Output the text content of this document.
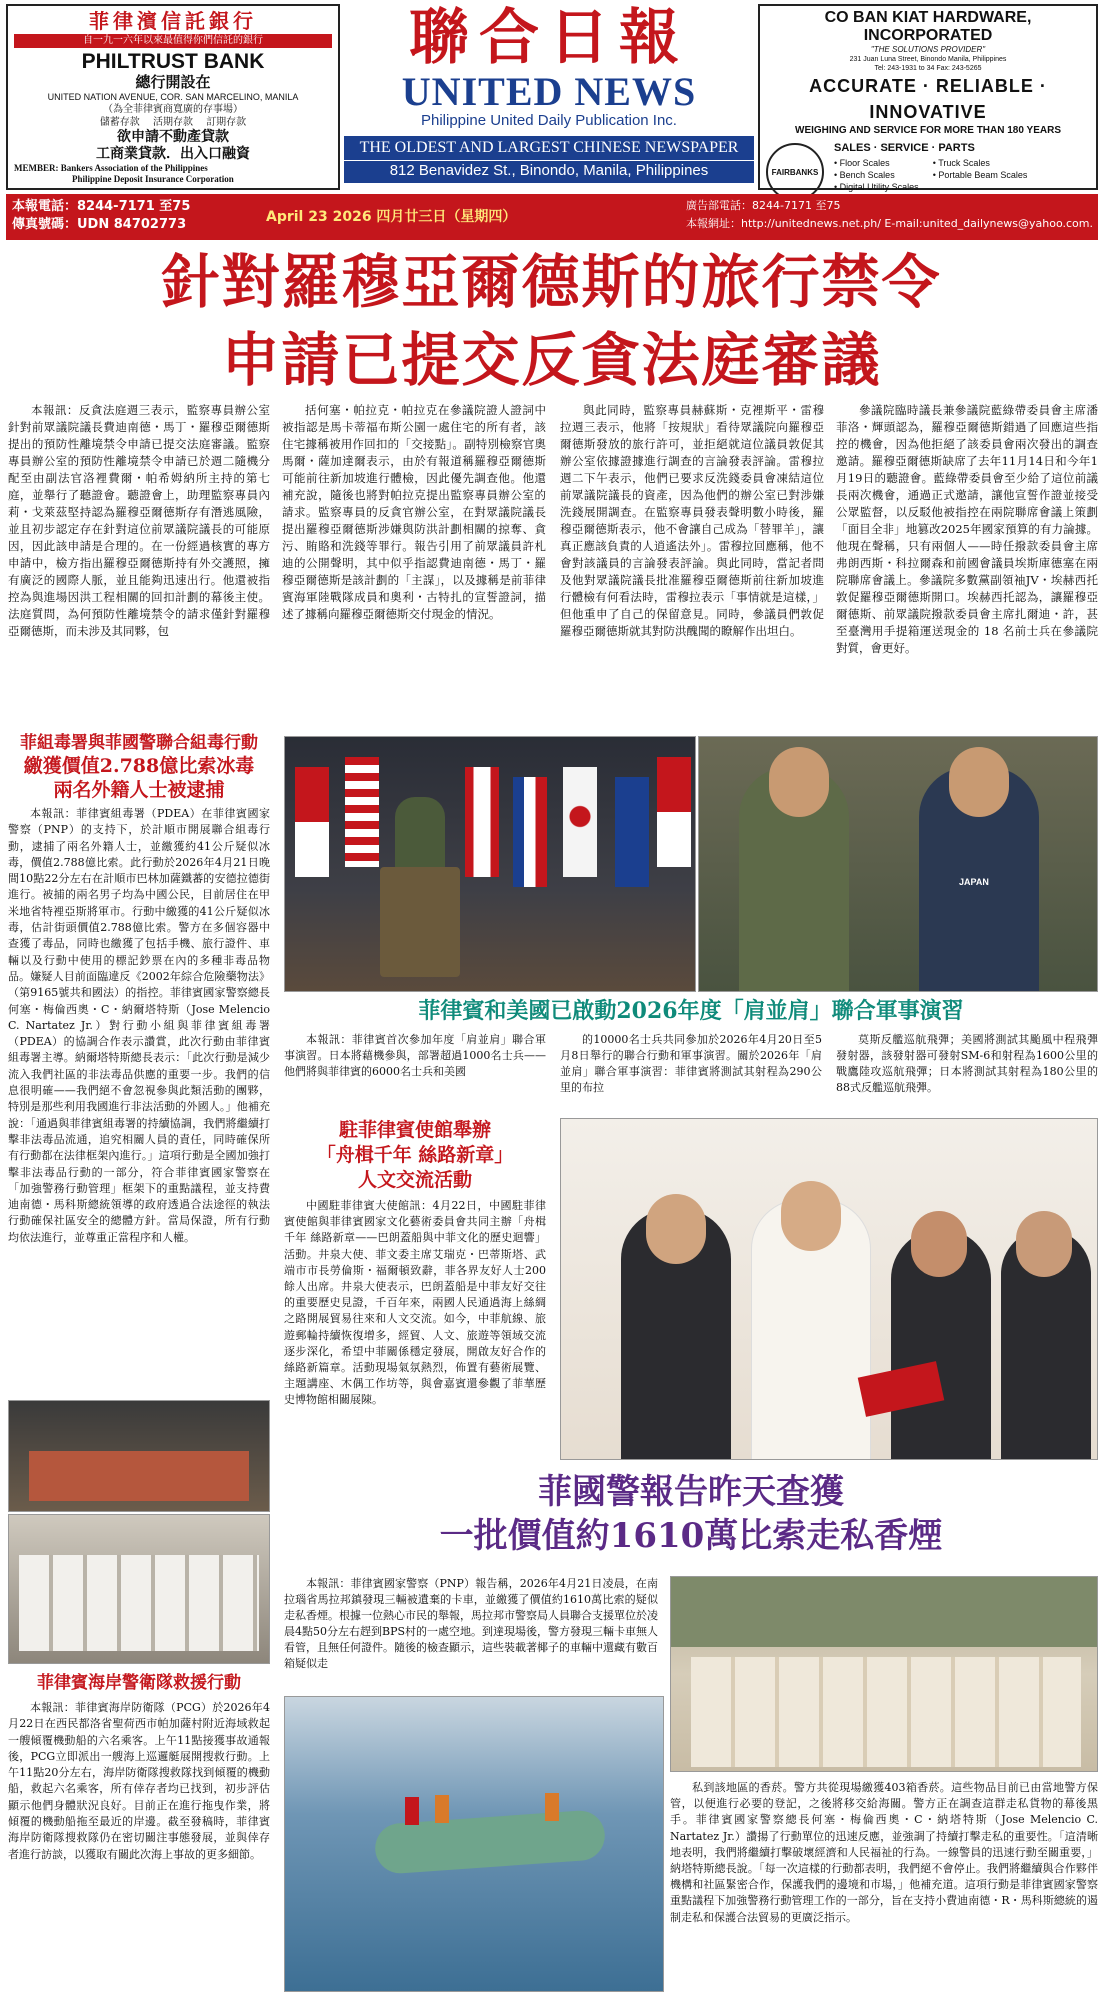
菲律濱信託銀行
自一九一六年以來最值得你們信託的銀行
PHILTRUST BANK
總行開設在
UNITED NATION AVENUE, COR. SAN MARCELINO, MANILA
（為全菲律賓商寬廣的存事場）
儲蓄存款　 活期存款　 訂期存款
欲申請不動產貸款
工商業貸款．出入口融資
MEMBER: Bankers Association of the Philippines
Philippine Deposit Insurance Corporation
聯合日報
UNITED NEWS
Philippine United Daily Publication Inc.
THE OLDEST AND LARGEST CHINESE NEWSPAPER
812 Benavidez St., Binondo, Manila, Philippines
CO BAN KIAT HARDWARE, INCORPORATED
"THE SOLUTIONS PROVIDER"
231 Juan Luna Street, Binondo Manila, Philippines
Tel: 243-1931 to 34 Fax: 243-5265
ACCURATE · RELIABLE · INNOVATIVE
WEIGHING AND SERVICE FOR MORE THAN 180 YEARS
FAIRBANKS
SALES · SERVICE · PARTS
• Floor Scales
• Bench Scales
• Digital Utility Scales
•
• Truck Scales
• Portable Beam Scales
本報電話：8244-7171 至75
傳真號碼：UDN 84702773	April 23 2026 四月廿三日（星期四）
廣告部電話：8244-7171 至75
本報網址：http://unitednews.net.ph/ E-mail:united_dailynews@yahoo.com.
針對羅穆亞爾德斯的旅行禁令
申請已提交反貪法庭審議

本報訊：反貪法庭週三表示，監察專員辦公室針對前眾議院議長費迪南德・馬丁・羅穆亞爾德斯提出的預防性離境禁令申請已提交法庭審議。監察專員辦公室的預防性離境禁令申請已於週二隨機分配至由副法官洛裡費爾・帕希姆納所主持的第七庭，並舉行了聽證會。聽證會上，助理監察專員內莉・戈萊茲堅持認為羅穆亞爾德斯存有潛逃風險，並且初步認定存在針對這位前眾議院議長的可能原因，因此該申請是合理的。在一份經過核實的專方申請中，檢方指出羅穆亞爾德斯持有外交護照，擁有廣泛的國際人脈，並且能夠迅速出行。他還被指控為與進場因洪工程相關的回扣計劃的幕後主使。法庭質問，為何預防性離境禁令的請求僅針對羅穆亞爾德斯，而未涉及其同夥，包

括何塞・帕拉克・帕拉克在參議院證人證詞中被指認是馬卡蒂福布斯公園一處住宅的所有者，該住宅據稱被用作回扣的「交接點」。副特別檢察官奧馬爾・薩加達爾表示，由於有報道稱羅穆亞爾德斯可能前往新加坡進行體檢，因此優先調查他。他還補充說，隨後也將對帕拉克提出監察專員辦公室的請求。監察專員的反貪官辦公室，在對眾議院議長提出羅穆亞爾德斯涉嫌與防洪計劃相關的掠奪、貪污、賄賂和洗錢等罪行。報告引用了前眾議員許札迪的公開聲明，其中似乎指認費迪南德・馬丁・羅穆亞爾德斯是該計劃的「主謀」，以及據稱是前菲律賓海軍陸戰隊成員和奧利・古特扎的宣誓證詞，描述了據稱向羅穆亞爾德斯交付現金的情況。

與此同時，監察專員赫蘇斯・克裡斯平・雷穆拉週三表示，他將「按規狀」看待眾議院向羅穆亞爾德斯發放的旅行許可，並拒絕就這位議員敦促其辦公室依據證據進行調查的言論發表評論。雷穆拉週二下午表示，他們已要求反洗錢委員會凍結這位前眾議院議長的資產，因為他們的辦公室已對涉嫌洗錢展開調查。在監察專員發表聲明數小時後，羅穆亞爾德斯表示，他不會讓自己成為「替罪羊」，讓真正應該負責的人逍遙法外」。雷穆拉回應稱，他不會對該議員的言論發表評論。與此同時，當記者問及他對眾議院議長批准羅穆亞爾德斯前往新加坡進行體檢有何看法時，雷穆拉表示「事情就是這樣，」但他重申了自己的保留意見。同時，參議員們敦促羅穆亞爾德斯就其對防洪醜聞的瞭解作出坦白。

參議院臨時議長兼參議院藍綠帶委員會主席潘菲洛・輝頭認為，羅穆亞爾德斯錯過了回應這些指控的機會，因為他拒絕了該委員會兩次發出的調查邀請。羅穆亞爾德斯缺席了去年11月14日和今年1月19日的聽證會。藍綠帶委員會至少給了這位前議長兩次機會，通過正式邀請，讓他宣誓作證並接受公眾監督，以反駁他被指控在兩院聯席會議上策劃「面目全非」地篡改2025年國家預算的有力論據。他現在聲稱，只有兩個人——時任撥款委員會主席弗朗西斯・科拉爾森和前國會議員埃斯庫德塞在兩院聯席會議上。參議院多數黨副領袖JV・埃赫西托敦促羅穆亞爾德斯開口。埃赫西托認為，讓羅穆亞爾德斯、前眾議院撥款委員會主席扎爾迪・許，甚至臺灣用手提箱運送現金的 18 名前士兵在參議院對質，會更好。

菲組毒署與菲國警聯合組毒行動
繳獲價值2.788億比索冰毒
兩名外籍人士被逮捕

本報訊：菲律賓組毒署（PDEA）在菲律賓國家警察（PNP）的支持下，於計順市開展聯合組毒行動，逮捕了兩名外籍人士，並繳獲約41公斤疑似冰毒，價值2.788億比索。此行動於2026年4月21日晚間10點22分左右在計順市巴林加薩鐵蕃的安德拉德街進行。被捕的兩名男子均為中國公民，目前居住在甲米地省特裡亞斯將軍市。行動中繳獲的41公斤疑似冰毒，估計街頭價值2.788億比索。警方在多個容器中查獲了毒品，同時也繳獲了包括手機、旅行證件、車輛以及行動中使用的標記鈔票在內的多種非毒品物品。嫌疑人目前面臨違反《2002年綜合危險藥物法》（第9165號共和國法）的指控。菲律賓國家警察總長何塞・梅倫西奧・C・納爾塔特斯（Jose Melencio C. Nartatez Jr.）對行動小組與菲律賓組毒署（PDEA）的協調合作表示讚賞，此次行動由菲律賓組毒署主導。納爾塔特斯總長表示：「此次行動是減少流入我們社區的非法毒品供應的重要一步。我們的信息很明確——我們絕不會忽視參與此類活動的團夥，特別是那些利用我國進行非法活動的外國人。」他補充說：「通過與菲律賓組毒署的持續協調，我們將繼續打擊非法毒品流通，追究相關人員的責任，同時確保所有行動都在法律框架內進行。」這項行動是全國加強打擊非法毒品行動的一部分，符合菲律賓國家警察在「加強警務行動管理」框架下的重點議程，並支持費迪南德・馬科斯總統領導的政府透過合法途徑的執法行動確保社區安全的總體方針。當局保證，所有行動均依法進行，並尊重正當程序和人權。

JAPAN
菲律賓和美國已啟動2026年度「肩並肩」聯合軍事演習

本報訊：菲律賓首次參加年度「肩並肩」聯合軍事演習。日本將藉機參與，部署超過1000名士兵——他們將與菲律賓的6000名士兵和美國

的10000名士兵共同參加於2026年4月20日至5月8日舉行的聯合行動和軍事演習。關於2026年「肩並肩」聯合軍事演習：菲律賓將測試其射程為290公里的布拉

莫斯反艦巡航飛彈；美國將測試其颱風中程飛彈發射器，該發射器可發射SM-6和射程為1600公里的戰鷹陸攻巡航飛彈；日本將測試其射程為180公里的88式反艦巡航飛彈。

駐菲律賓使館舉辦
「舟楫千年 絲路新章」
人文交流活動

中國駐菲律賓大使館訊：4月22日，中國駐菲律賓使館與菲律賓國家文化藝術委員會共同主辦「舟楫千年 絲路新章——巴朗蓋船與中菲文化的歷史迴響」活動。井泉大使、菲文委主席艾瑞克・巴蒂斯塔、武端市市長勞倫斯・福爾頓致辭，菲各界友好人士200餘人出席。井泉大使表示，巴朗蓋船是中菲友好交往的重要歷史見證，千百年來，兩國人民通過海上絲綢之路開展貿易往來和人文交流。如今，中菲航線、旅遊郵輪持續恢復增多，經貿、人文、旅遊等領域交流逐步深化，希望中菲關係穩定發展，開啟友好合作的絲路新篇章。活動現場氣氛熱烈，佈置有藝術展覽、主題講座、木偶工作坊等，與會嘉賓還參觀了菲華歷史博物館相關展陳。

菲國警報告昨天查獲
一批價值約1610萬比索走私香煙

本報訊：菲律賓國家警察（PNP）報告稱，2026年4月21日凌晨，在南拉瑙省馬拉邦鎮發現三輛被遺棄的卡車，並繳獲了價值約1610萬比索的疑似走私香煙。根據一位熱心市民的舉報，馬拉邦市警察局人員聯合支援單位於凌晨4點50分左右趕到BPS村的一處空地。到達現場後，警方發現三輛卡車無人看管，且無任何證件。隨後的檢查顯示，這些裝載著椰子的車輛中還藏有數百箱疑似走

私到該地區的香菸。警方共從現場繳獲403箱香菸。這些物品目前已由當地警方保管，以便進行必要的登記，之後將移交給海關。警方正在調查這群走私貨物的幕後黑手。菲律賓國家警察總長何塞・梅倫西奧・C・納塔特斯（Jose Melencio C. Nartatez Jr.）讚揚了行動單位的迅速反應，並強調了持續打擊走私的重要性。「這清晰地表明，我們將繼續打擊破壞經濟和人民福祉的行為。一線警員的迅速行動至關重要，」納塔特斯總長說。「每一次這樣的行動都表明，我們絕不會停止。我們將繼續與合作夥伴機構和社區緊密合作，保護我們的邊境和市場，」他補充道。這項行動是菲律賓國家警察重點議程下加強警務行動管理工作的一部分，旨在支持小費迪南德・R・馬科斯總統的遏制走私和保護合法貿易的更廣泛指示。

菲律賓海岸警衛隊救援行動

本報訊：菲律賓海岸防衛隊（PCG）於2026年4月22日在西民都洛省聖荷西市帕加薩村附近海域救起一艘傾覆機動船的六名乘客。上午11點接獲事故通報後，PCG立即派出一艘海上巡邏艇展開搜救行動。上午11點20分左右，海岸防衛隊搜救隊找到傾覆的機動船，救起六名乘客，所有倖存者均已找到，初步評估顯示他們身體狀況良好。目前正在進行拖曳作業，將傾覆的機動船拖至最近的岸邊。截至發稿時，菲律賓海岸防衛隊搜救隊仍在密切關注事態發展，並與倖存者進行訪談，以獲取有關此次海上事故的更多細節。
